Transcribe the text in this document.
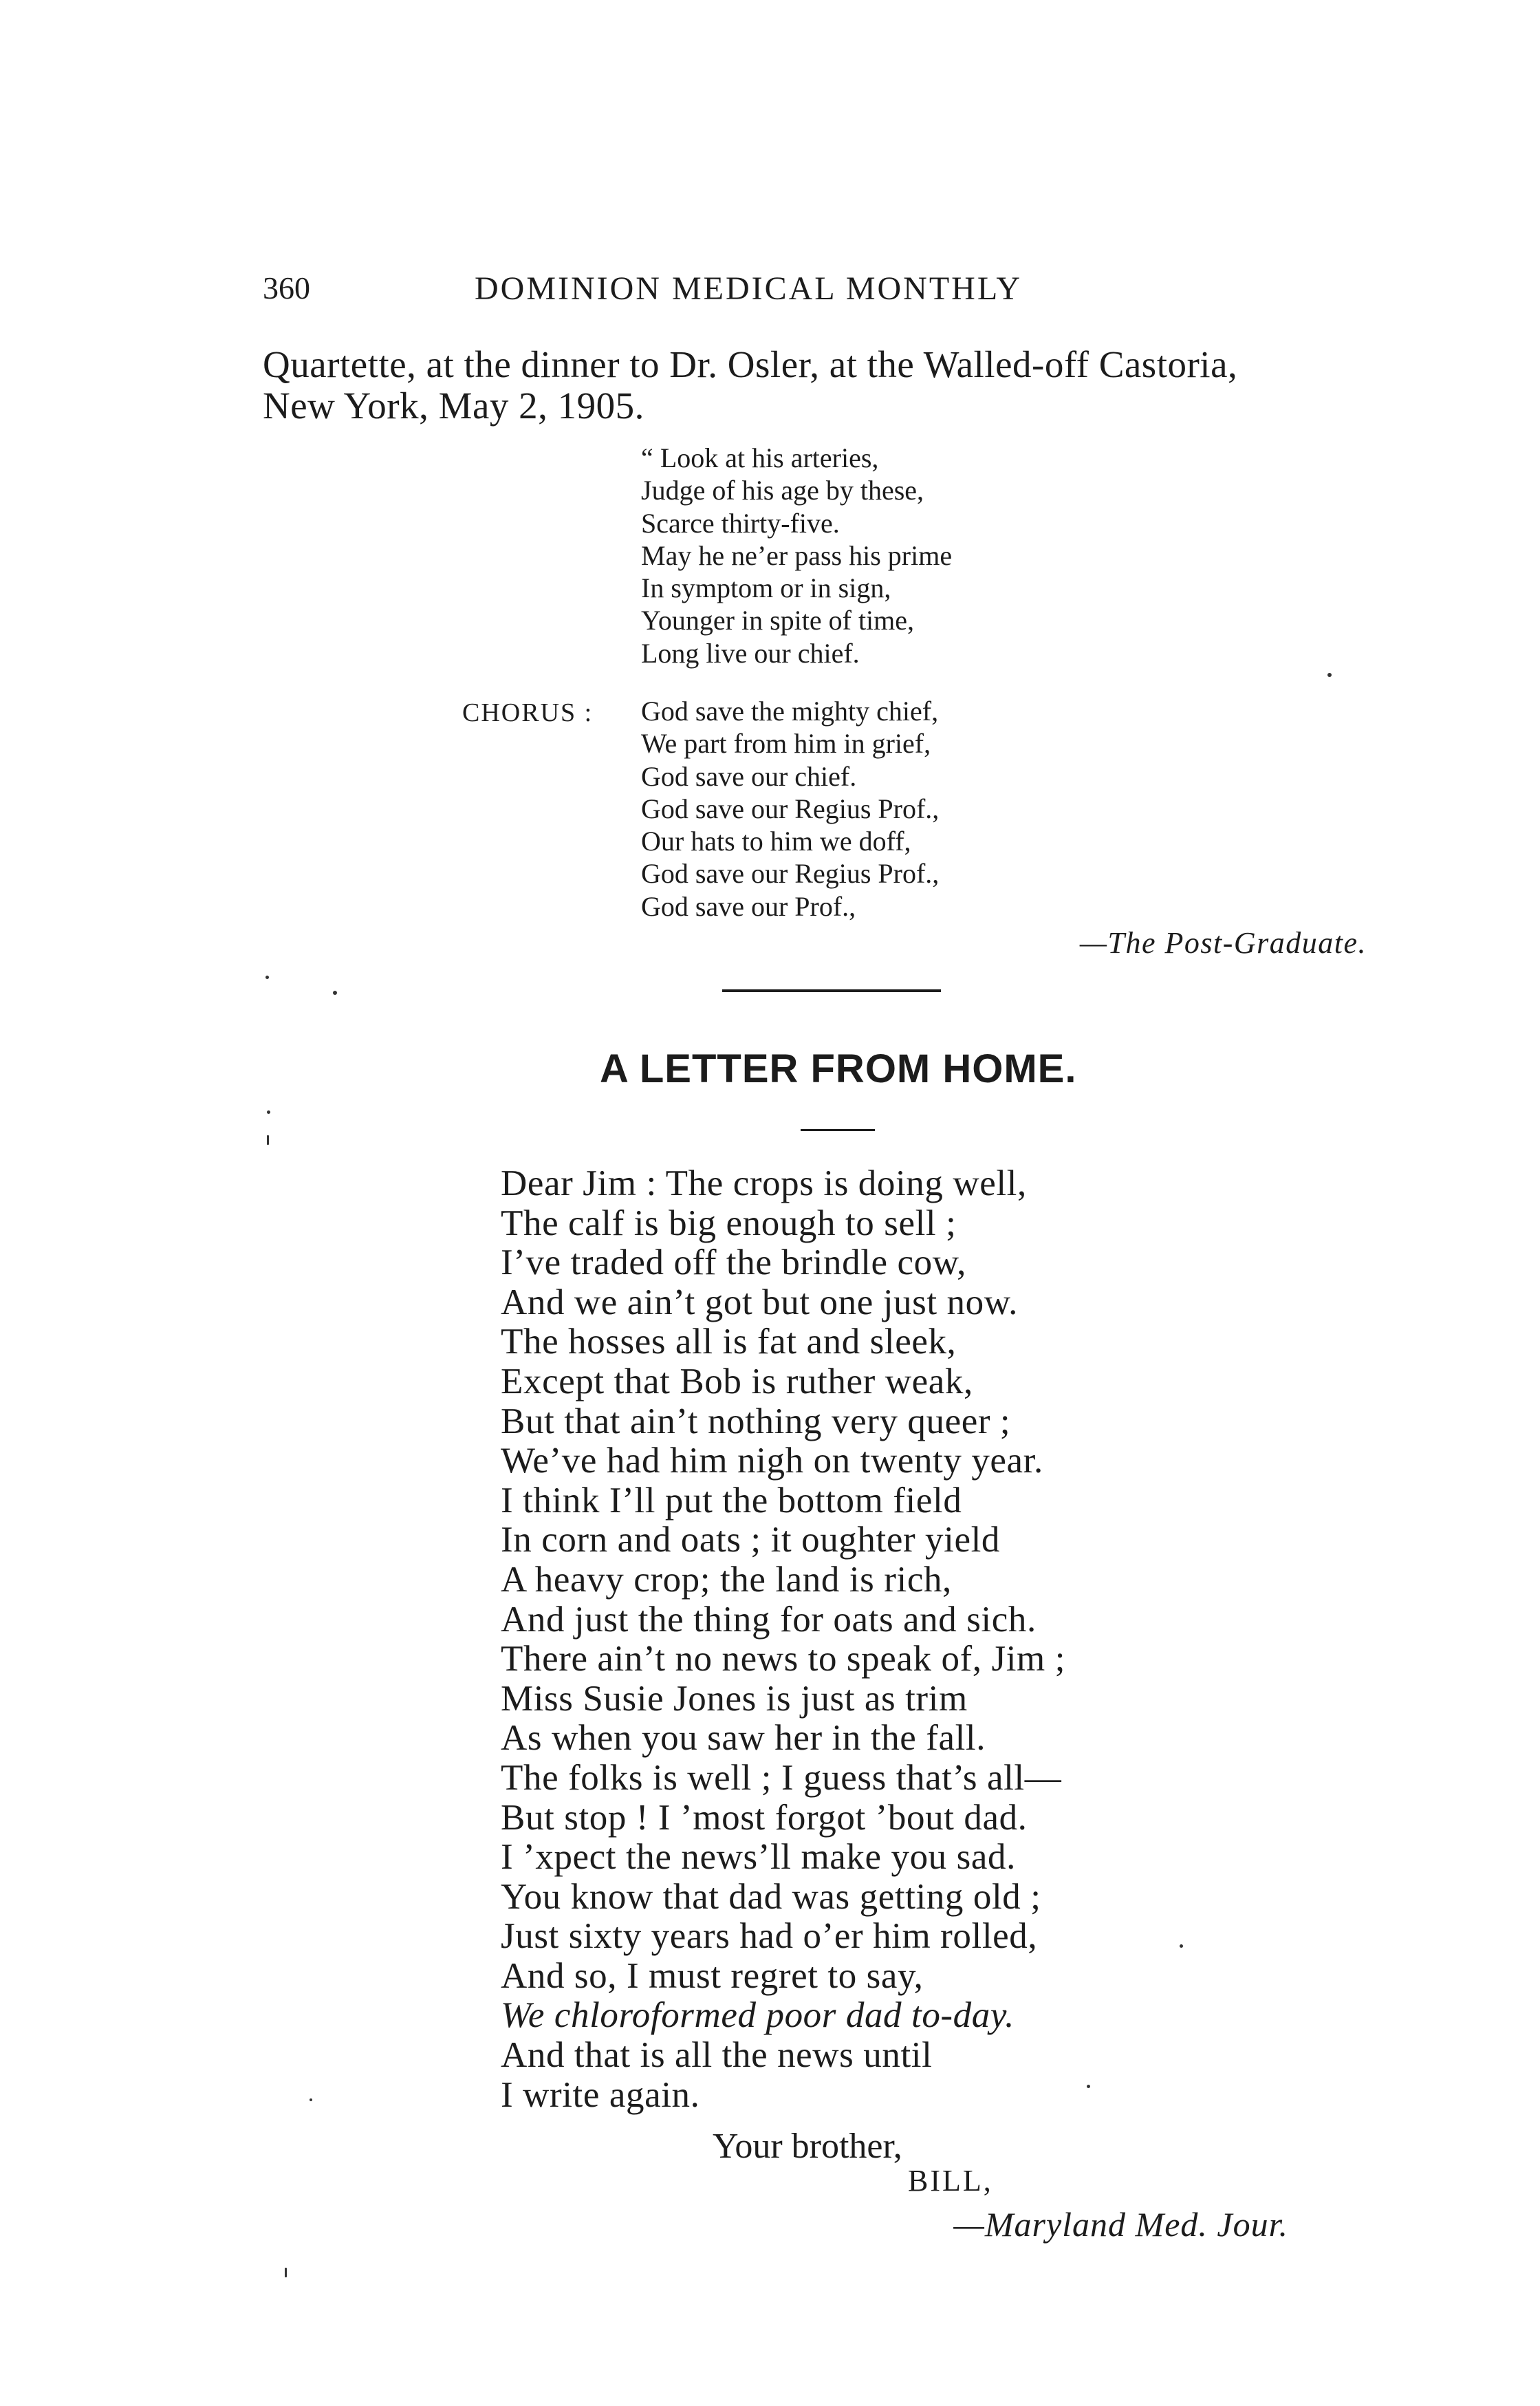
360	DOMINION MEDICAL MONTHLY
Quartette, at the dinner to Dr. Osler, at the Walled-off Castoria,
New York, May 2, 1905.
“ Look at his arteries,
Judge of his age by these,
Scarce thirty-five.
May he ne’er pass his prime
In symptom or in sign,
Younger in spite of time,
Long live our chief.
CHORUS : God save the mighty chief,
We part from him in grief,
God save our chief.
God save our Regius Prof.,
Our hats to him we doff,
God save our Regius Prof.,
God save our Prof.,
—The Post-Graduate.
A LETTER FROM HOME.
Dear Jim : The crops is doing well,
The calf is big enough to sell ;
I’ve traded off the brindle cow,
And we ain’t got but one just now.
The hosses all is fat and sleek,
Except that Bob is ruther weak,
But that ain’t nothing very queer ;
We’ve had him nigh on twenty year.
I think I’ll put the bottom field
In corn and oats ; it oughter yield
A heavy crop; the land is rich,
And just the thing for oats and sich.
There ain’t no news to speak of, Jim ;
Miss Susie Jones is just as trim
As when you saw her in the fall.
The folks is well ; I guess that’s all—
But stop ! I ’most forgot ’bout dad.
I ’xpect the news’ll make you sad.
You know that dad was getting old ;
Just sixty years had o’er him rolled,
And so, I must regret to say,
We chloroformed poor dad to-day.
And that is all the news until
I write again.
Your brother,
BILL,
—Maryland Med. Jour.
